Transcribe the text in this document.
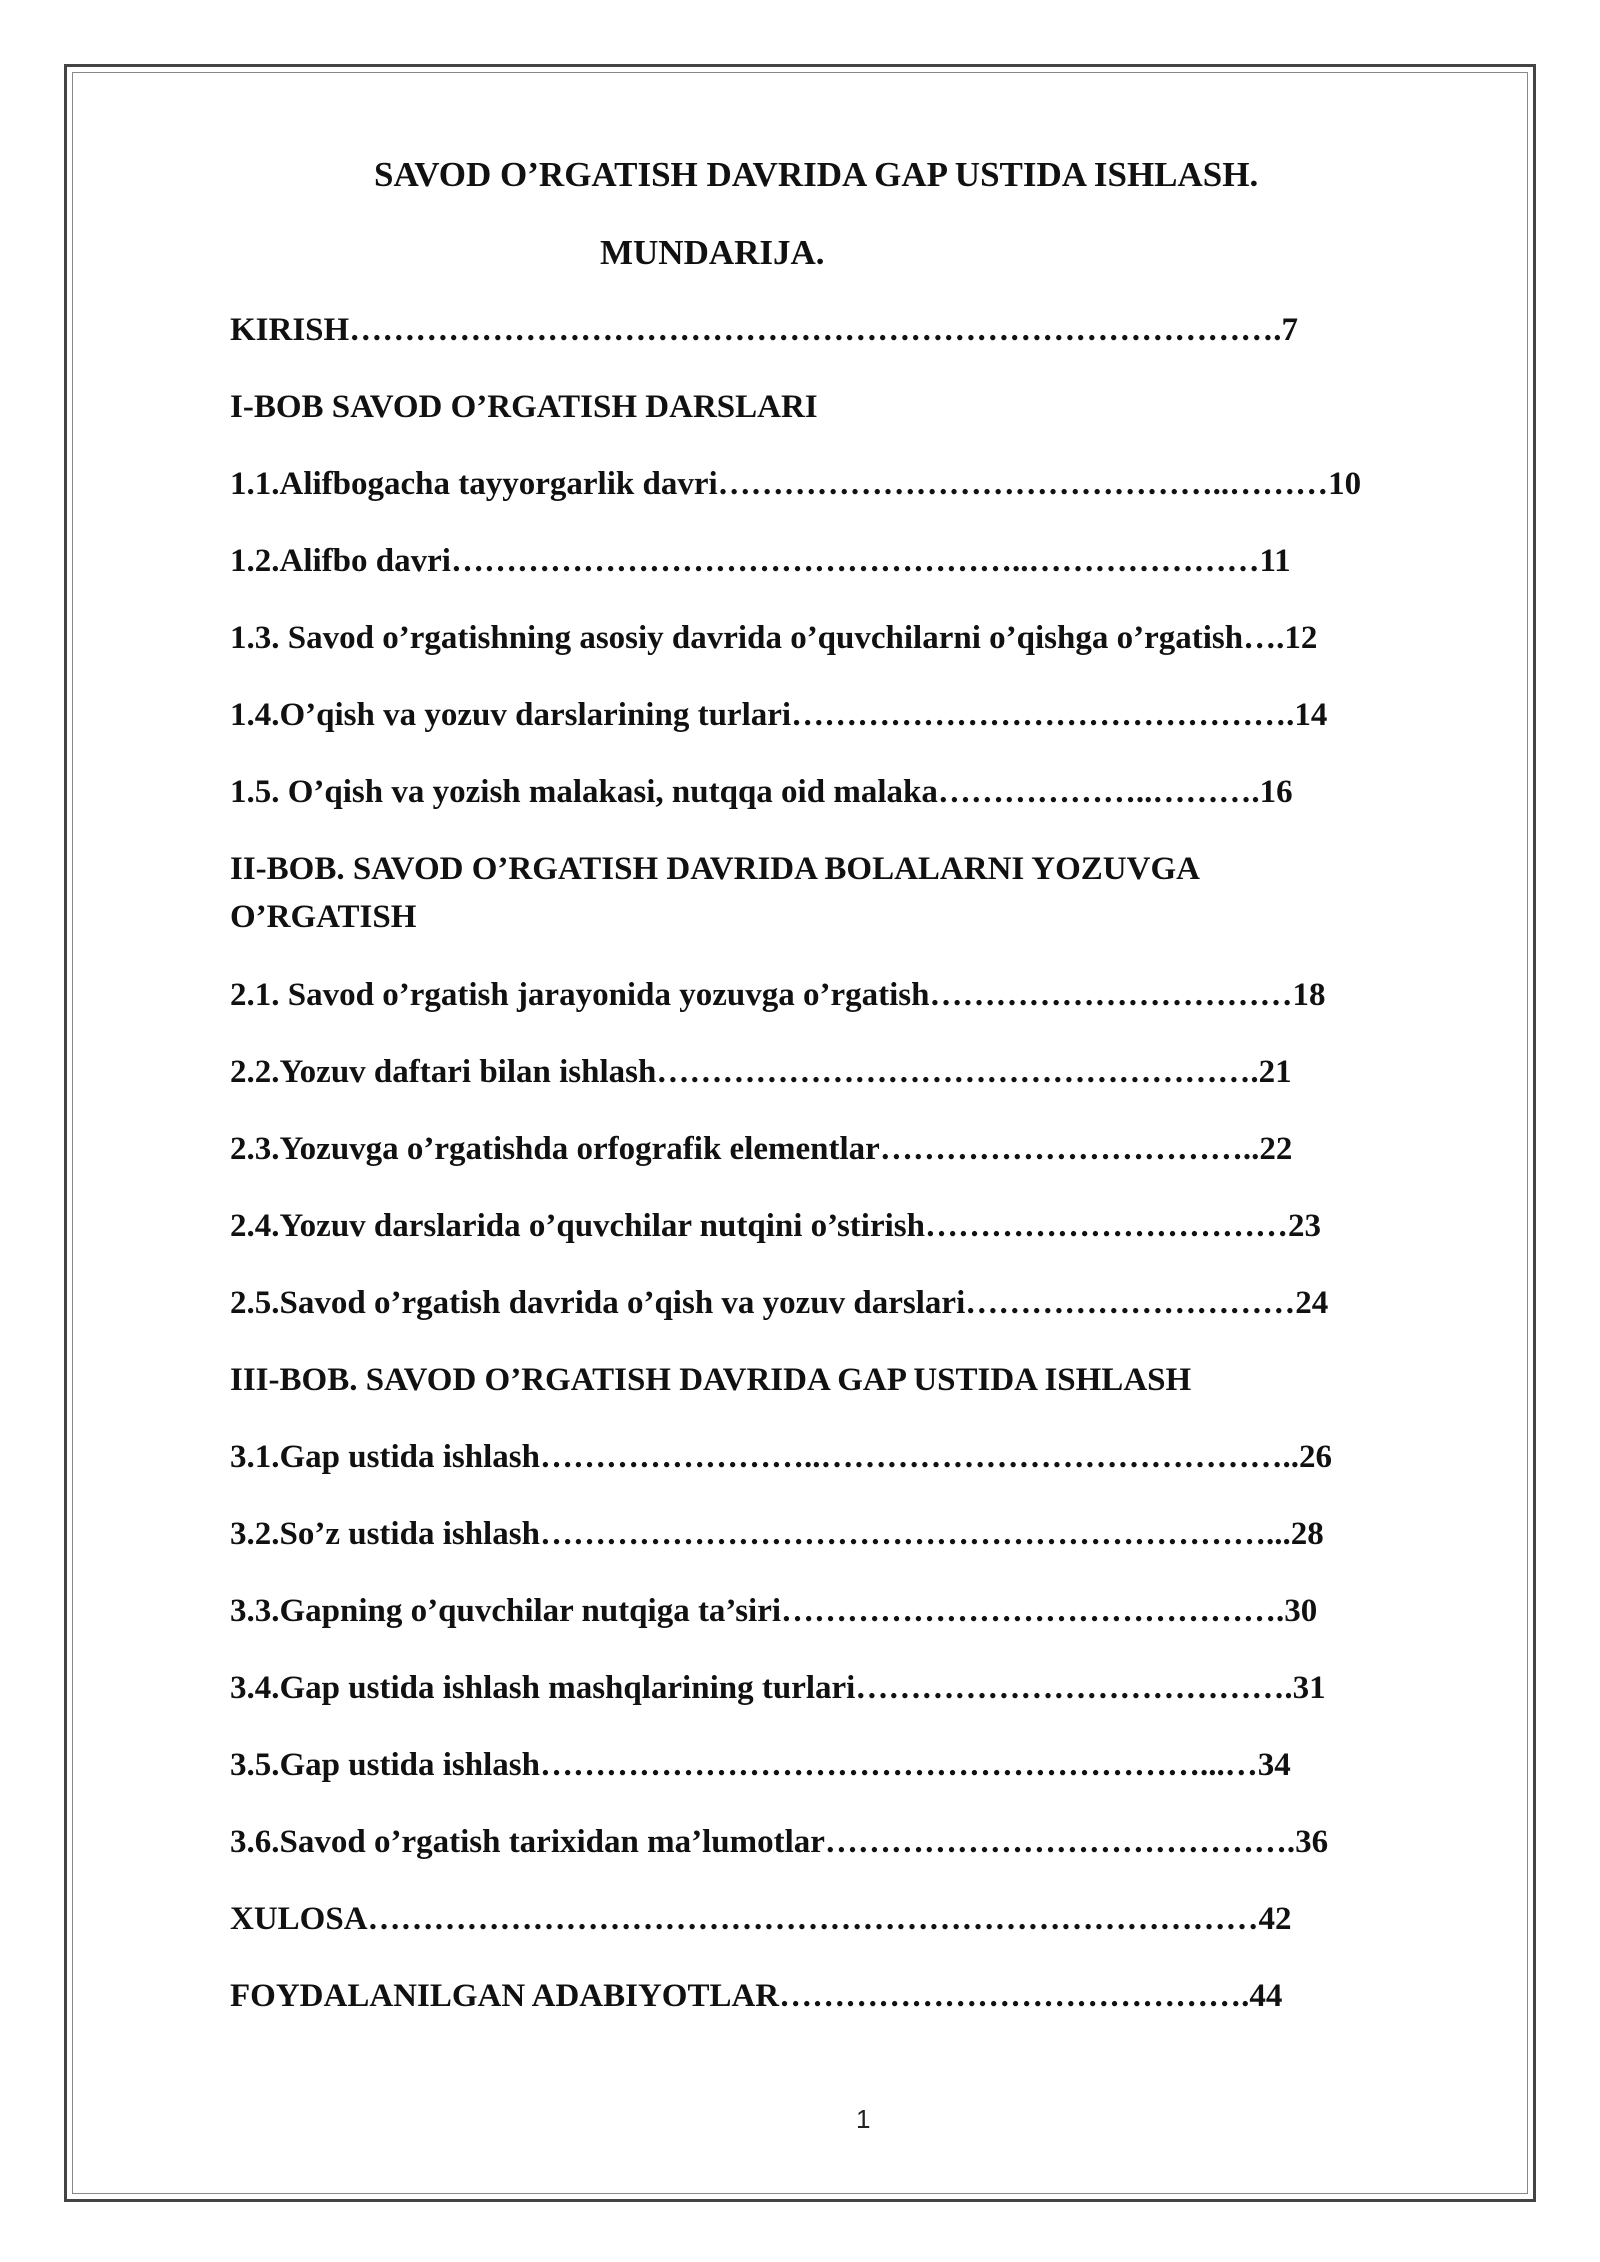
SAVOD O’RGATISH DAVRIDA GAP USTIDA ISHLASH.
MUNDARIJA.
KIRISH………………………………………………………………………….7
I-BOB SAVOD O’RGATISH DARSLARI
1.1.Alifbogacha tayyorgarlik davri………………………………………..………10
1.2.Alifbo davri……………………………………………..…………………11
1.3. Savod o’rgatishning asosiy davrida o’quvchilarni o’qishga o’rgatish….12
1.4.O’qish va yozuv darslarining turlari……………………………………….14
1.5. O’qish va yozish malakasi, nutqqa oid malaka………………..……….16
II-BOB. SAVOD O’RGATISH DAVRIDA BOLALARNI YOZUVGA O’RGATISH
2.1. Savod o’rgatish jarayonida yozuvga o’rgatish……………………………18
2.2.Yozuv daftari bilan ishlash……………………………………………….21
2.3.Yozuvga o’rgatishda orfografik elementlar……………………………..22
2.4.Yozuv darslarida o’quvchilar nutqini o’stirish……………………………23
2.5.Savod o’rgatish davrida o’qish va yozuv darslari…………………………24
III-BOB. SAVOD O’RGATISH DAVRIDA GAP USTIDA ISHLASH
3.1.Gap ustida ishlash……………………..……………………………………..26
3.2.So’z ustida ishlash…………………………………………………………...28
3.3.Gapning o’quvchilar nutqiga ta’siri……………………………………….30
3.4.Gap ustida ishlash mashqlarining turlari………………………………….31
3.5.Gap ustida ishlash……………………………………………………...…34
3.6.Savod o’rgatish tarixidan ma’lumotlar…………………………………….36
XULOSA………………………………………………………………………42
FOYDALANILGAN ADABIYOTLAR…………………………………….44
1
